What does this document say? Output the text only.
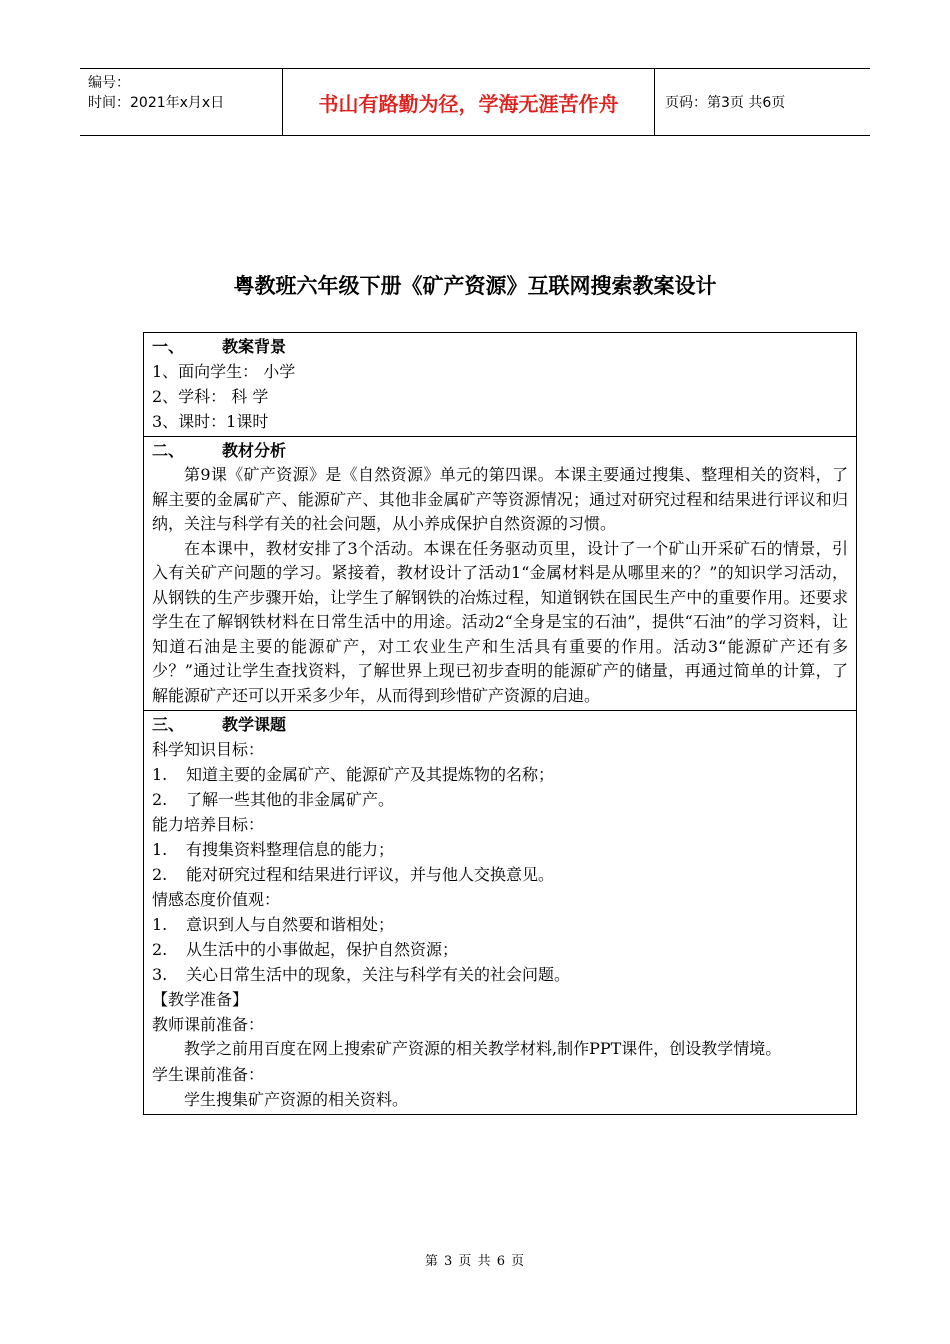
编号：
时间：2021年x月x日	书山有路勤为径，学海无涯苦作舟	页码：第3页 共6页
粤教班六年级下册《矿产资源》互联网搜索教案设计
一、	教案背景
1、面向学生： 小学
2、学科： 科 学
3、课时：1课时
二、	教材分析

第9课《矿产资源》是《自然资源》单元的第四课。本课主要通过搜集、整理相关的资料，了解主要的金属矿产、能源矿产、其他非金属矿产等资源情况；通过对研究过程和结果进行评议和归纳，关注与科学有关的社会问题，从小养成保护自然资源的习惯。

在本课中，教材安排了3个活动。本课在任务驱动页里，设计了一个矿山开采矿石的情景，引入有关矿产问题的学习。紧接着，教材设计了活动1“金属材料是从哪里来的？”的知识学习活动，从钢铁的生产步骤开始，让学生了解钢铁的冶炼过程，知道钢铁在国民生产中的重要作用。还要求学生在了解钢铁材料在日常生活中的用途。活动2“全身是宝的石油”，提供“石油”的学习资料，让知道石油是主要的能源矿产，对工农业生产和生活具有重要的作用。活动3“能源矿产还有多少？”通过让学生查找资料，了解世界上现已初步查明的能源矿产的储量，再通过简单的计算，了解能源矿产还可以开采多少年，从而得到珍惜矿产资源的启迪。

三、	教学课题
科学知识目标：
1.	知道主要的金属矿产、能源矿产及其提炼物的名称；
2.	了解一些其他的非金属矿产。
能力培养目标：
1.	有搜集资料整理信息的能力；
2.	能对研究过程和结果进行评议，并与他人交换意见。
情感态度价值观：
1.	意识到人与自然要和谐相处；
2.	从生活中的小事做起，保护自然资源；
3.	关心日常生活中的现象，关注与科学有关的社会问题。
【教学准备】
教师课前准备：

教学之前用百度在网上搜索矿产资源的相关教学材料,制作PPT课件，创设教学情境。

学生课前准备：
学生搜集矿产资源的相关资料。
第 3 页 共 6 页
